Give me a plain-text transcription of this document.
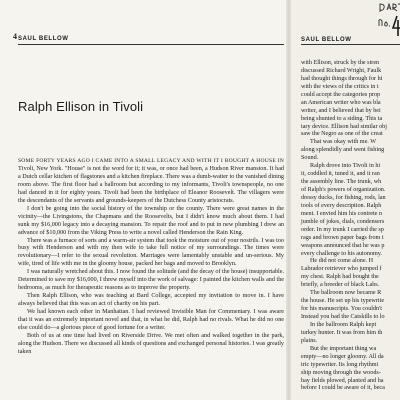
4 SAUL BELLOW
Ralph Ellison in Tivoli

SOME FORTY YEARS AGO I CAME INTO A SMALL LEGACY AND WITH IT I BOUGHT A HOUSE IN Tivoli, New York. "House" is not the word for it; it was, or once had been, a Hudson River mansion. It had a Dutch cellar kitchen of flagstones and a kitchen fireplace. There was a dumb-waiter to the vanished dining room above. The first floor had a ballroom but according to my informants, Tivoli's townspeople, no one had danced in it for eighty years. Tivoli had been the birthplace of Eleanor Roosevelt. The villagers were the descendants of the servants and grounds-keepers of the Dutchess County aristocrats.

I don't be going into the social history of the township or the county. There were great names in the vicinity—the Livingstons, the Chapmans and the Roosevelts, but I didn't know much about them. I had sunk my $16,000 legacy into a decaying mansion. To repair the roof and to put in new plumbing I drew an advance of $10,000 from the Viking Press to write a novel called Henderson the Rain King.

There was a furnace of sorts and a warm-air system that took the moisture out of your nostrils. I was too busy with Henderson and with my then wife to take full notice of my surroundings. The times were revolutionary—I refer to the sexual revolution. Marriages were lamentably unstable and un-serious. My wife, tired of life with me in the gloomy house, packed her bags and moved to Brooklyn.

I was naturally wretched about this. I now found the solitude (and the decay of the house) insupportable. Determined to save my $16,000, I threw myself into the work of salvage: I painted the kitchen walls and the bedrooms, as much for therapeutic reasons as to improve the property.

Then Ralph Ellison, who was teaching at Bard College, accepted my invitation to move in. I have always believed that this was an act of charity on his part.

We had known each other in Manhattan. I had reviewed Invisible Man for Commentary. I was aware that it was an extremely important novel and that, in what he did, Ralph had no rivals. What he did no one else could do—a glorious piece of good fortune for a writer.

Both of us at one time had lived on Riverside Drive. We met often and walked together in the park, along the Hudson. There we discussed all kinds of questions and exchanged personal histories. I was greatly taken

SAUL BELLOW
with Ellison, struck by the stren
discussed Richard Wright, Faulk
had thought things through for hi
with the views of the critics in t
could accept the categories prop
an American writer who was bla
writer, and I believed that by bei
being shunted to a siding. This ta
tary device. Ellison had similar obj
saw the Negro as one of the creat
That was okay with me. W
along splendidly and went fishing
Sound.
Ralph drove into Tivoli in hi
it, coddled it, tuned it, and it ran
the assembly line. The trunk, wh
of Ralph's powers of organization.
dressy ducks, for fishing, rods, lan
tools of every description. Ralph
ment. I envied him his contrete n
jumble of jokes, dials, condensers
order. In my trunk I carried the sp
rags and brown paper bags from t
weapons announced that he was p
every challenge to his autonomy.
He did not come alone. H
Labrador retriever who jumped f
my chest. Ralph had bought the
briefly, a breeder of black Labs.
The ballroom now became R
the house. He set up his typewrite
for his manuscripts. You couldn't
Instead you had the Catskills to lo
In the ballroom Ralph kept
turkey hunter. It was from him th
plains.
But the important thing wa
empty—no longer gloomy. All da
tric typewriter. Its long rhythmi
ship moving through the woods-
hay fields plowed, planted and ha
before I could be aware of it, beca
